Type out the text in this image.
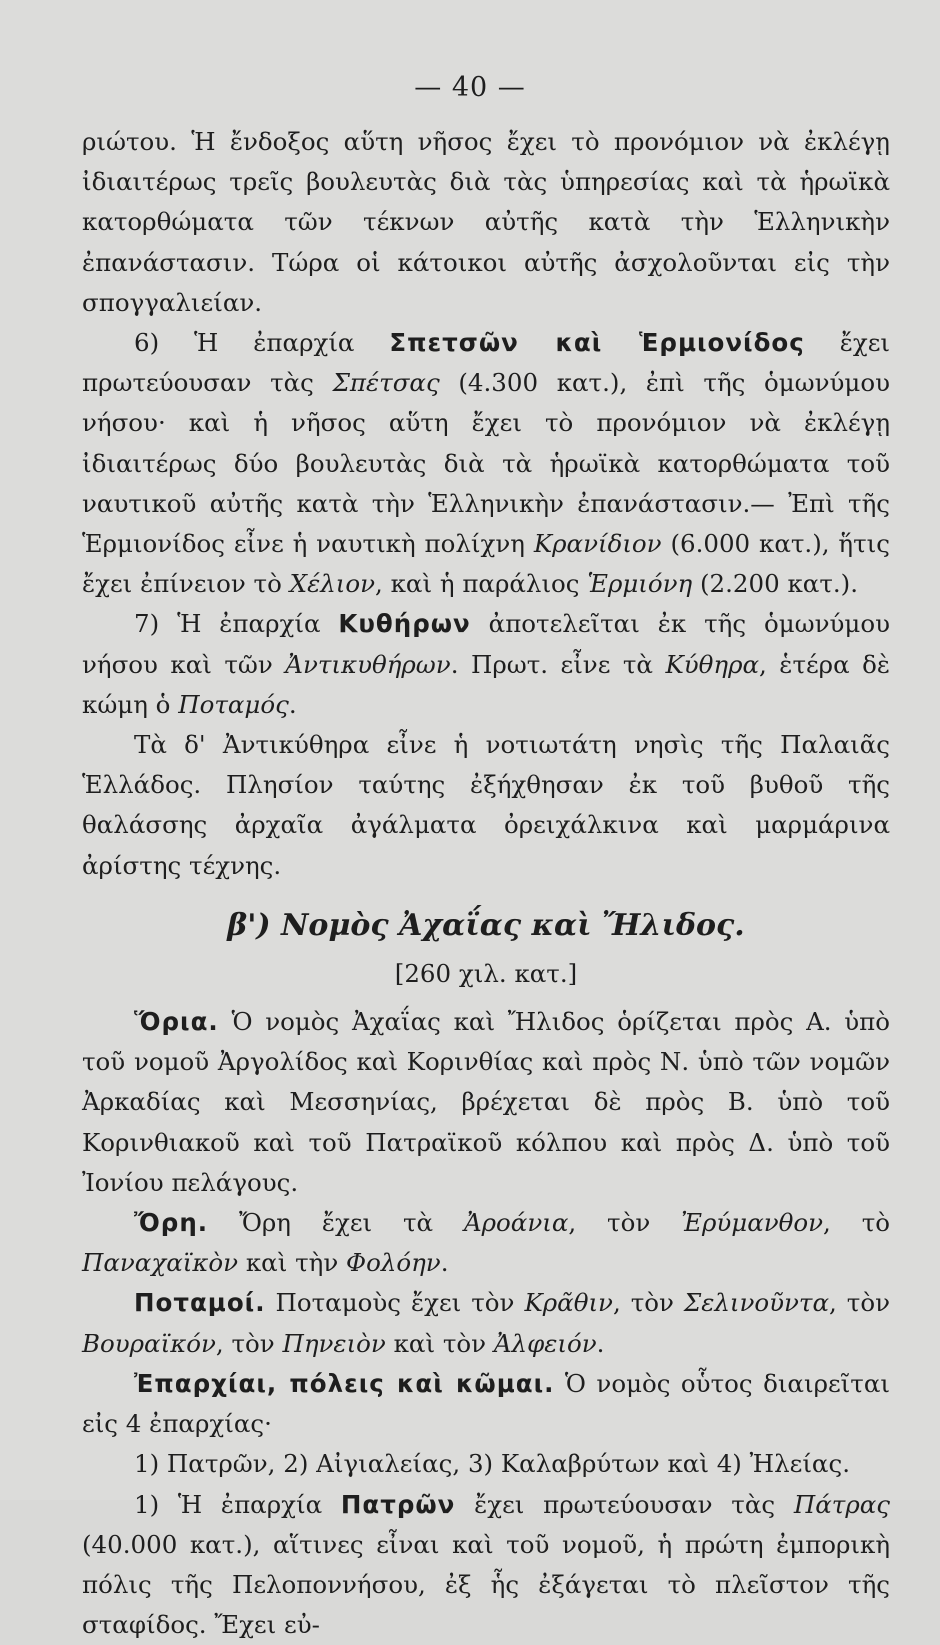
— 40 —

ριώτου. Ἡ ἔνδοξος αὕτη νῆσος ἔχει τὸ προνόμιον νὰ ἐκλέγῃ ἰδιαιτέρως τρεῖς βουλευτὰς διὰ τὰς ὑπηρεσίας καὶ τὰ ἡρωϊκὰ κατορθώματα τῶν τέκνων αὐτῆς κατὰ τὴν Ἑλληνικὴν ἐπανάστασιν. Τώρα οἱ κάτοικοι αὐτῆς ἀσχολοῦνται εἰς τὴν σπογγαλιείαν.

6) Ἡ ἐπαρχία Σπετσῶν καὶ Ἑρμιονίδος ἔχει πρωτεύουσαν τὰς Σπέτσας (4.300 κατ.), ἐπὶ τῆς ὁμωνύμου νήσου· καὶ ἡ νῆσος αὕτη ἔχει τὸ προνόμιον νὰ ἐκλέγῃ ἰδιαιτέρως δύο βουλευτὰς διὰ τὰ ἡρωϊκὰ κατορθώματα τοῦ ναυτικοῦ αὐτῆς κατὰ τὴν Ἑλληνικὴν ἐπανάστασιν.— Ἐπὶ τῆς Ἑρμιονίδος εἶνε ἡ ναυτικὴ πολίχνη Κρανίδιον (6.000 κατ.), ἥτις ἔχει ἐπίνειον τὸ Χέλιον, καὶ ἡ παράλιος Ἑρμιόνη (2.200 κατ.).

7) Ἡ ἐπαρχία Κυθήρων ἀποτελεῖται ἐκ τῆς ὁμωνύμου νήσου καὶ τῶν Ἀντικυθήρων. Πρωτ. εἶνε τὰ Κύθηρα, ἑτέρα δὲ κώμη ὁ Ποταμός.

Τὰ δ' Ἀντικύθηρα εἶνε ἡ νοτιωτάτη νησὶς τῆς Παλαιᾶς Ἑλλάδος. Πλησίον ταύτης ἐξήχθησαν ἐκ τοῦ βυθοῦ τῆς θαλάσσης ἀρχαῖα ἀγάλματα ὀρειχάλκινα καὶ μαρμάρινα ἀρίστης τέχνης.

β') Νομὸς Ἀχαΐας καὶ Ἤλιδος.
[260 χιλ. κατ.]

Ὅρια. Ὁ νομὸς Ἀχαΐας καὶ Ἤλιδος ὁρίζεται πρὸς Α. ὑπὸ τοῦ νομοῦ Ἀργολίδος καὶ Κορινθίας καὶ πρὸς Ν. ὑπὸ τῶν νομῶν Ἀρκαδίας καὶ Μεσσηνίας, βρέχεται δὲ πρὸς Β. ὑπὸ τοῦ Κορινθιακοῦ καὶ τοῦ Πατραϊκοῦ κόλπου καὶ πρὸς Δ. ὑπὸ τοῦ Ἰονίου πελάγους.

Ὄρη. Ὄρη ἔχει τὰ Ἀροάνια, τὸν Ἐρύμανθον, τὸ Παναχαϊκὸν καὶ τὴν Φολόην.

Ποταμοί. Ποταμοὺς ἔχει τὸν Κρᾶθιν, τὸν Σελινοῦντα, τὸν Βουραϊκόν, τὸν Πηνειὸν καὶ τὸν Ἀλφειόν.

Ἐπαρχίαι, πόλεις καὶ κῶμαι. Ὁ νομὸς οὗτος διαιρεῖται εἰς 4 ἐπαρχίας·

1) Πατρῶν, 2) Αἰγιαλείας, 3) Καλαβρύτων καὶ 4) Ἠλείας.

1) Ἡ ἐπαρχία Πατρῶν ἔχει πρωτεύουσαν τὰς Πάτρας (40.000 κατ.), αἵτινες εἶναι καὶ τοῦ νομοῦ, ἡ πρώτη ἐμπορικὴ πόλις τῆς Πελοποννήσου, ἐξ ἧς ἐξάγεται τὸ πλεῖστον τῆς σταφίδος. Ἔχει εὐ-
